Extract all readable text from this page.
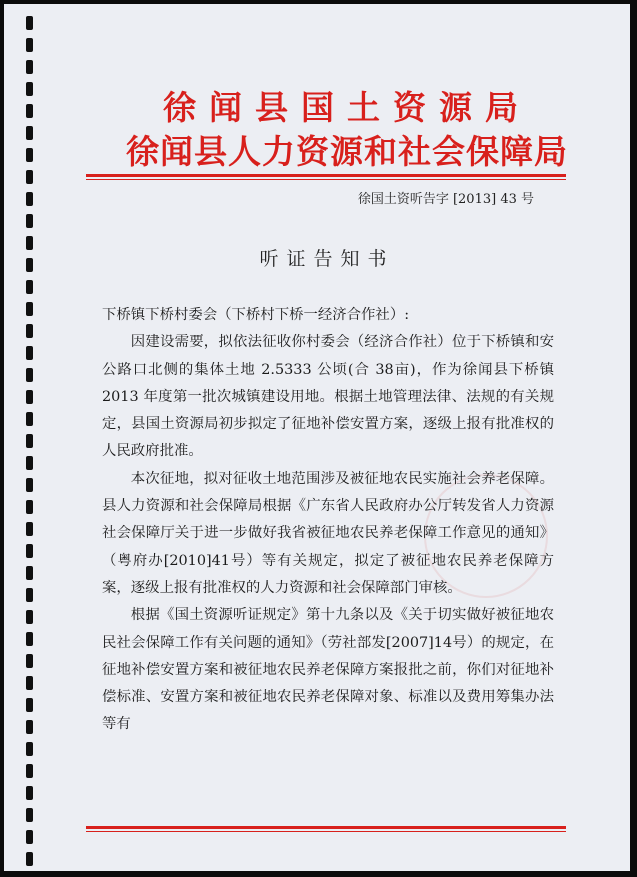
徐闻县国土资源局
徐闻县人力资源和社会保障局
徐国土资听告字 [2013] 43 号
听证告知书

下桥镇下桥村委会（下桥村下桥一经济合作社）:

因建设需要，拟依法征收你村委会（经济合作社）位于下桥镇和安公路口北侧的集体土地 2.5333 公顷(合 38亩)，作为徐闻县下桥镇 2013 年度第一批次城镇建设用地。根据土地管理法律、法规的有关规定，县国土资源局初步拟定了征地补偿安置方案，逐级上报有批准权的人民政府批准。

本次征地，拟对征收土地范围涉及被征地农民实施社会养老保障。县人力资源和社会保障局根据《广东省人民政府办公厅转发省人力资源社会保障厅关于进一步做好我省被征地农民养老保障工作意见的通知》（粤府办[2010]41号）等有关规定，拟定了被征地农民养老保障方案，逐级上报有批准权的人力资源和社会保障部门审核。

根据《国土资源听证规定》第十九条以及《关于切实做好被征地农民社会保障工作有关问题的通知》（劳社部发[2007]14号）的规定，在征地补偿安置方案和被征地农民养老保障方案报批之前，你们对征地补偿标准、安置方案和被征地农民养老保障对象、标准以及费用筹集办法等有
